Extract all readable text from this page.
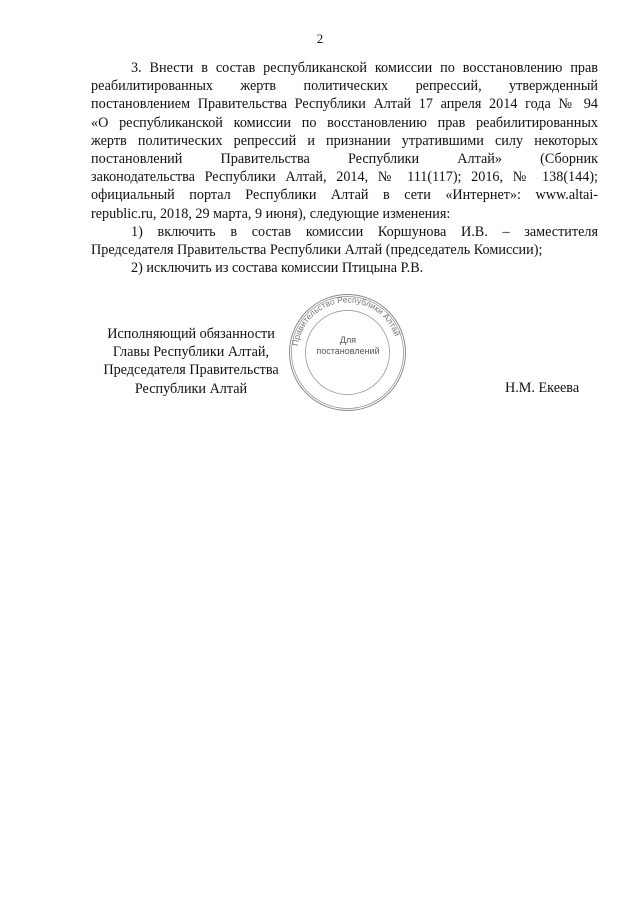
2
3. Внести в состав республиканской комиссии по восстановлению прав
реабилитированных жертв политических репрессий, утвержденный
постановлением Правительства Республики Алтай 17 апреля 2014 года № 94
«О республиканской комиссии по восстановлению прав реабилитированных
жертв политических репрессий и признании утратившими силу некоторых
постановлений Правительства Республики Алтай» (Сборник
законодательства Республики Алтай, 2014, № 111(117); 2016, № 138(144);
официальный портал Республики Алтай в сети «Интернет»: www.altai-
republic.ru, 2018, 29 марта, 9 июня), следующие изменения:
1) включить в состав комиссии Коршунова И.В. – заместителя
Председателя Правительства Республики Алтай (председатель Комиссии);
2) исключить из состава комиссии Птицына Р.В.
Исполняющий обязанности
Главы Республики Алтай,
Председателя Правительства
Республики Алтай	Н.М. Екеева
Правительство Республики Алтай
Для
постановлений
